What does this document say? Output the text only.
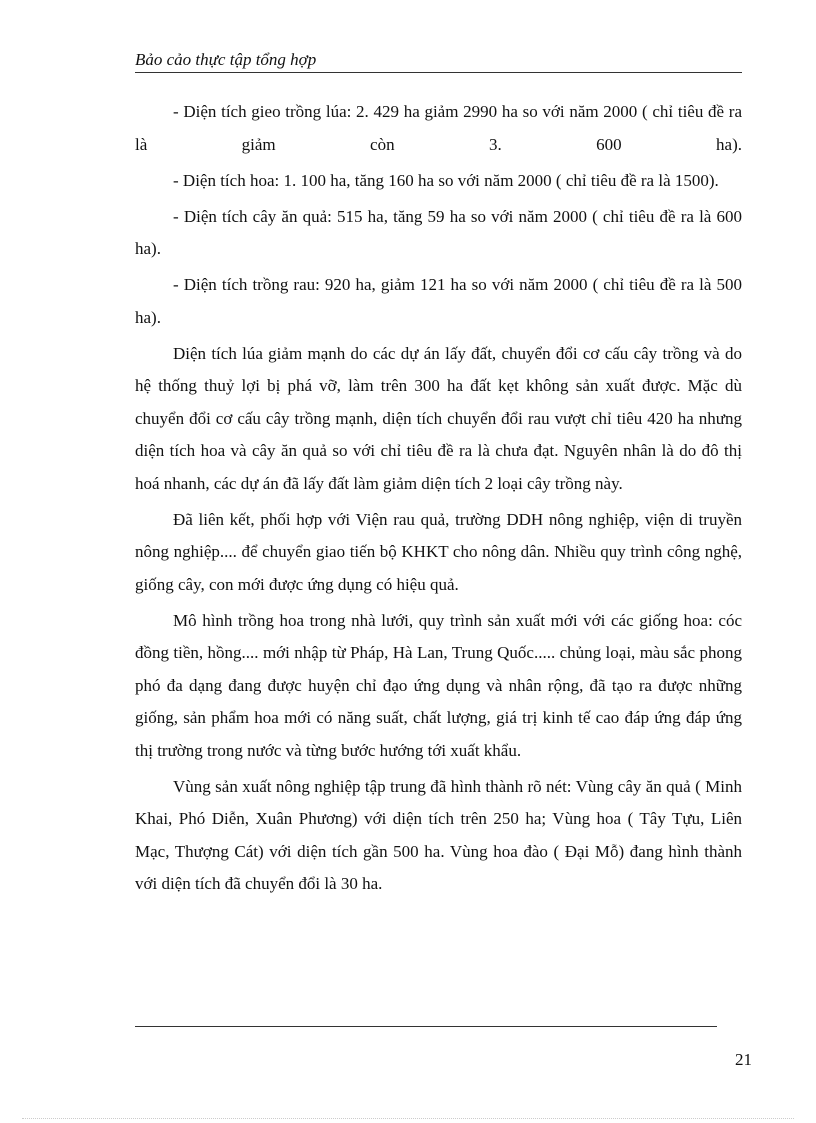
Bảo cảo thực tập tổng hợp

- Diện tích gieo trồng lúa: 2. 429 ha giảm 2990 ha so với năm 2000 ( chỉ tiêu đề ra là giảm còn 3. 600 ha).

- Diện tích hoa: 1. 100 ha, tăng 160 ha so với năm 2000 ( chỉ tiêu đề ra là 1500).

- Diện tích cây ăn quả: 515 ha, tăng 59 ha so với năm 2000 ( chỉ tiêu đề ra là 600 ha).

- Diện tích trồng rau: 920 ha, giảm 121 ha so với năm 2000 ( chỉ tiêu đề ra là 500 ha).

Diện tích lúa giảm mạnh do các dự án lấy đất, chuyển đổi cơ cấu cây trồng và do hệ thống thuỷ lợi bị phá vỡ, làm trên 300 ha đất kẹt không sản xuất được. Mặc dù chuyển đổi cơ cấu cây trồng mạnh, diện tích chuyển đổi rau vượt chỉ tiêu 420 ha nhưng diện tích hoa và cây ăn quả so với chỉ tiêu đề ra là chưa đạt. Nguyên nhân là do đô thị hoá nhanh, các dự án đã lấy đất làm giảm diện tích 2 loại cây trồng này.

Đã liên kết, phối hợp với Viện rau quả, trường DDH nông nghiệp, viện di truyền nông nghiệp.... để chuyển giao tiến bộ KHKT cho nông dân. Nhiều quy trình công nghệ, giống cây, con mới được ứng dụng có hiệu quả.

Mô hình trồng hoa trong nhà lưới, quy trình sản xuất mới với các giống hoa: cóc đồng tiền, hồng.... mới nhập từ Pháp, Hà Lan, Trung Quốc..... chủng loại, màu sắc phong phó đa dạng đang được huyện chỉ đạo ứng dụng và nhân rộng, đã tạo ra được những giống, sản phẩm hoa mới có năng suất, chất lượng, giá trị kinh tế cao đáp ứng đáp ứng thị trường trong nước và từng bước hướng tới xuất khẩu.

Vùng sản xuất nông nghiệp tập trung đã hình thành rõ nét: Vùng cây ăn quả ( Minh Khai, Phó Diễn, Xuân Phương) với diện tích trên 250 ha; Vùng hoa ( Tây Tựu, Liên Mạc, Thượng Cát) với diện tích gần 500 ha. Vùng hoa đào ( Đại Mỗ) đang hình thành với diện tích đã chuyển đổi là 30 ha.

21
